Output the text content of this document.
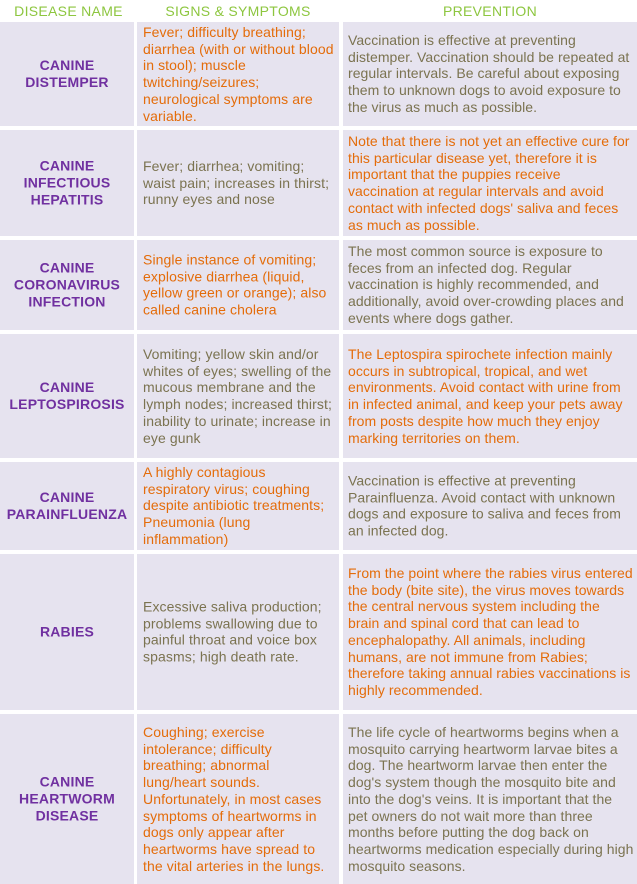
DISEASE NAME	SIGNS & SYMPTOMS	PREVENTION
CANINE DISTEMPER
Fever; difficulty breathing; diarrhea (with or without blood in stool); muscle twitching/seizures; neurological symptoms are variable.
Vaccination is effective at preventing distemper. Vaccination should be repeated at regular intervals. Be careful about exposing them to unknown dogs to avoid exposure to the virus as much as possible.
CANINE INFECTIOUS HEPATITIS
Fever; diarrhea; vomiting; waist pain; increases in thirst; runny eyes and nose
Note that there is not yet an effective cure for this particular disease yet, therefore it is important that the puppies receive vaccination at regular intervals and avoid contact with infected dogs' saliva and feces as much as possible.
CANINE CORONAVIRUS INFECTION
Single instance of vomiting; explosive diarrhea (liquid, yellow green or orange); also called canine cholera
The most common source is exposure to feces from an infected dog. Regular vaccination is highly recommended, and additionally, avoid over-crowding places and events where dogs gather.
CANINE LEPTOSPIROSIS
Vomiting; yellow skin and/or whites of eyes; swelling of the mucous membrane and the lymph nodes; increased thirst; inability to urinate; increase in eye gunk
The Leptospira spirochete infection mainly occurs in subtropical, tropical, and wet environments. Avoid contact with urine from in infected animal, and keep your pets away from posts despite how much they enjoy marking territories on them.
CANINE PARAINFLUENZA
A highly contagious respiratory virus; coughing despite antibiotic treatments; Pneumonia (lung inflammation)
Vaccination is effective at preventing Parainfluenza. Avoid contact with unknown dogs and exposure to saliva and feces from an infected dog.
RABIES
Excessive saliva production; problems swallowing due to painful throat and voice box spasms; high death rate.
From the point where the rabies virus entered the body (bite site), the virus moves towards the central nervous system including the brain and spinal cord that can lead to encephalopathy. All animals, including humans, are not immune from Rabies; therefore taking annual rabies vaccinations is highly recommended.
CANINE HEARTWORM DISEASE
Coughing; exercise intolerance; difficulty breathing; abnormal lung/heart sounds. Unfortunately, in most cases symptoms of heartworms in dogs only appear after heartworms have spread to the vital arteries in the lungs.
The life cycle of heartworms begins when a mosquito carrying heartworm larvae bites a dog. The heartworm larvae then enter the dog's system though the mosquito bite and into the dog's veins. It is important that the pet owners do not wait more than three months before putting the dog back on heartworms medication especially during high mosquito seasons.
